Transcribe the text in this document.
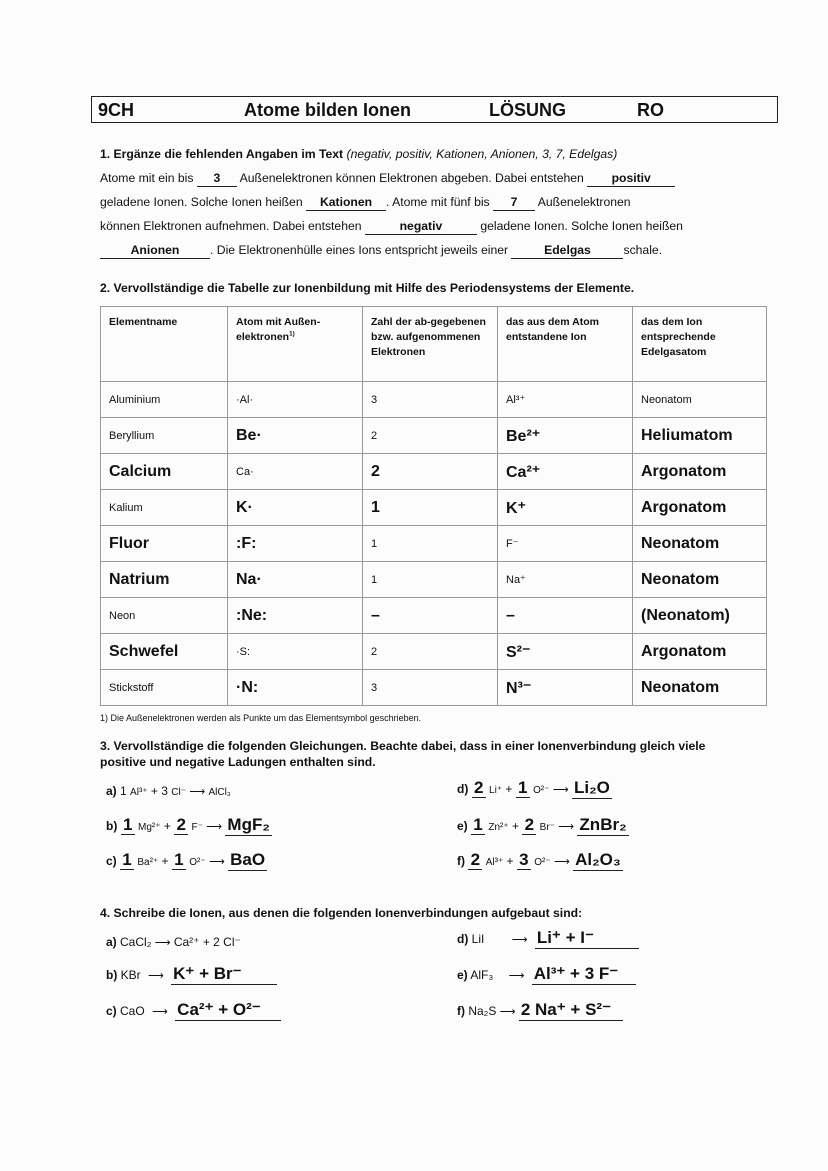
9CH	Atome bilden Ionen	LÖSUNG	RO
1. Ergänze die fehlenden Angaben im Text (negativ, positiv, Kationen, Anionen, 3, 7, Edelgas)
Atome mit ein bis 3 Außenelektronen können Elektronen abgeben. Dabei entstehen positiv
geladene Ionen. Solche Ionen heißen Kationen . Atome mit fünf bis 7 Außenelektronen
können Elektronen aufnehmen. Dabei entstehen	negativ	geladene Ionen. Solche Ionen heißen
Anionen	. Die Elektronenhülle eines Ions entspricht jeweils einer	Edelgas	schale.
2. Vervollständige die Tabelle zur Ionenbildung mit Hilfe des Periodensystems der Elemente.
Elementname	Atom mit Außen-elektronen$^{1)}$	Zahl der ab-gegebenen bzw. aufgenommenen Elektronen	das aus dem Atom entstandene Ion	das dem Ion entsprechende Edelgasatom
Aluminium	·Al·	3	Al³⁺	Neonatom
Beryllium	Be·	2	Be²⁺	Heliumatom
Calcium	Ca·	2	Ca²⁺	Argonatom
Kalium	K·	1	K⁺	Argonatom
Fluor	:F:	1	F⁻	Neonatom
Natrium	Na·	1	Na⁺	Neonatom
Neon	:Ne:	–	–	(Neonatom)
Schwefel	·S:	2	S²⁻	Argonatom
Stickstoff	·N:	3	N³⁻	Neonatom
1) Die Außenelektronen werden als Punkte um das Elementsymbol geschrieben.
3. Vervollständige die folgenden Gleichungen. Beachte dabei, dass in einer Ionenverbindung gleich viele positive und negative Ladungen enthalten sind.
a) 1 Al³⁺ + 3 Cl⁻ ⟶ AlCl₃
b) 1 Mg²⁺ + 2 F⁻ ⟶ MgF₂
c) 1 Ba²⁺ + 1 O²⁻ ⟶ BaO
d) 2 Li⁺ + 1 O²⁻ ⟶ Li₂O
e) 1 Zn²⁺ + 2 Br⁻ ⟶ ZnBr₂
f) 2 Al³⁺ + 3 O²⁻ ⟶ Al₂O₃
4. Schreibe die Ionen, aus denen die folgenden Ionenverbindungen aufgebaut sind:
a) CaCl₂ ⟶ Ca²⁺ + 2 Cl⁻
b) KBr ⟶ K⁺ + Br⁻
c) CaO ⟶ Ca²⁺ + O²⁻
d) LiI ⟶ Li⁺ + I⁻
e) AlF₃ ⟶ Al³⁺ + 3 F⁻
f) Na₂S ⟶ 2 Na⁺ + S²⁻
